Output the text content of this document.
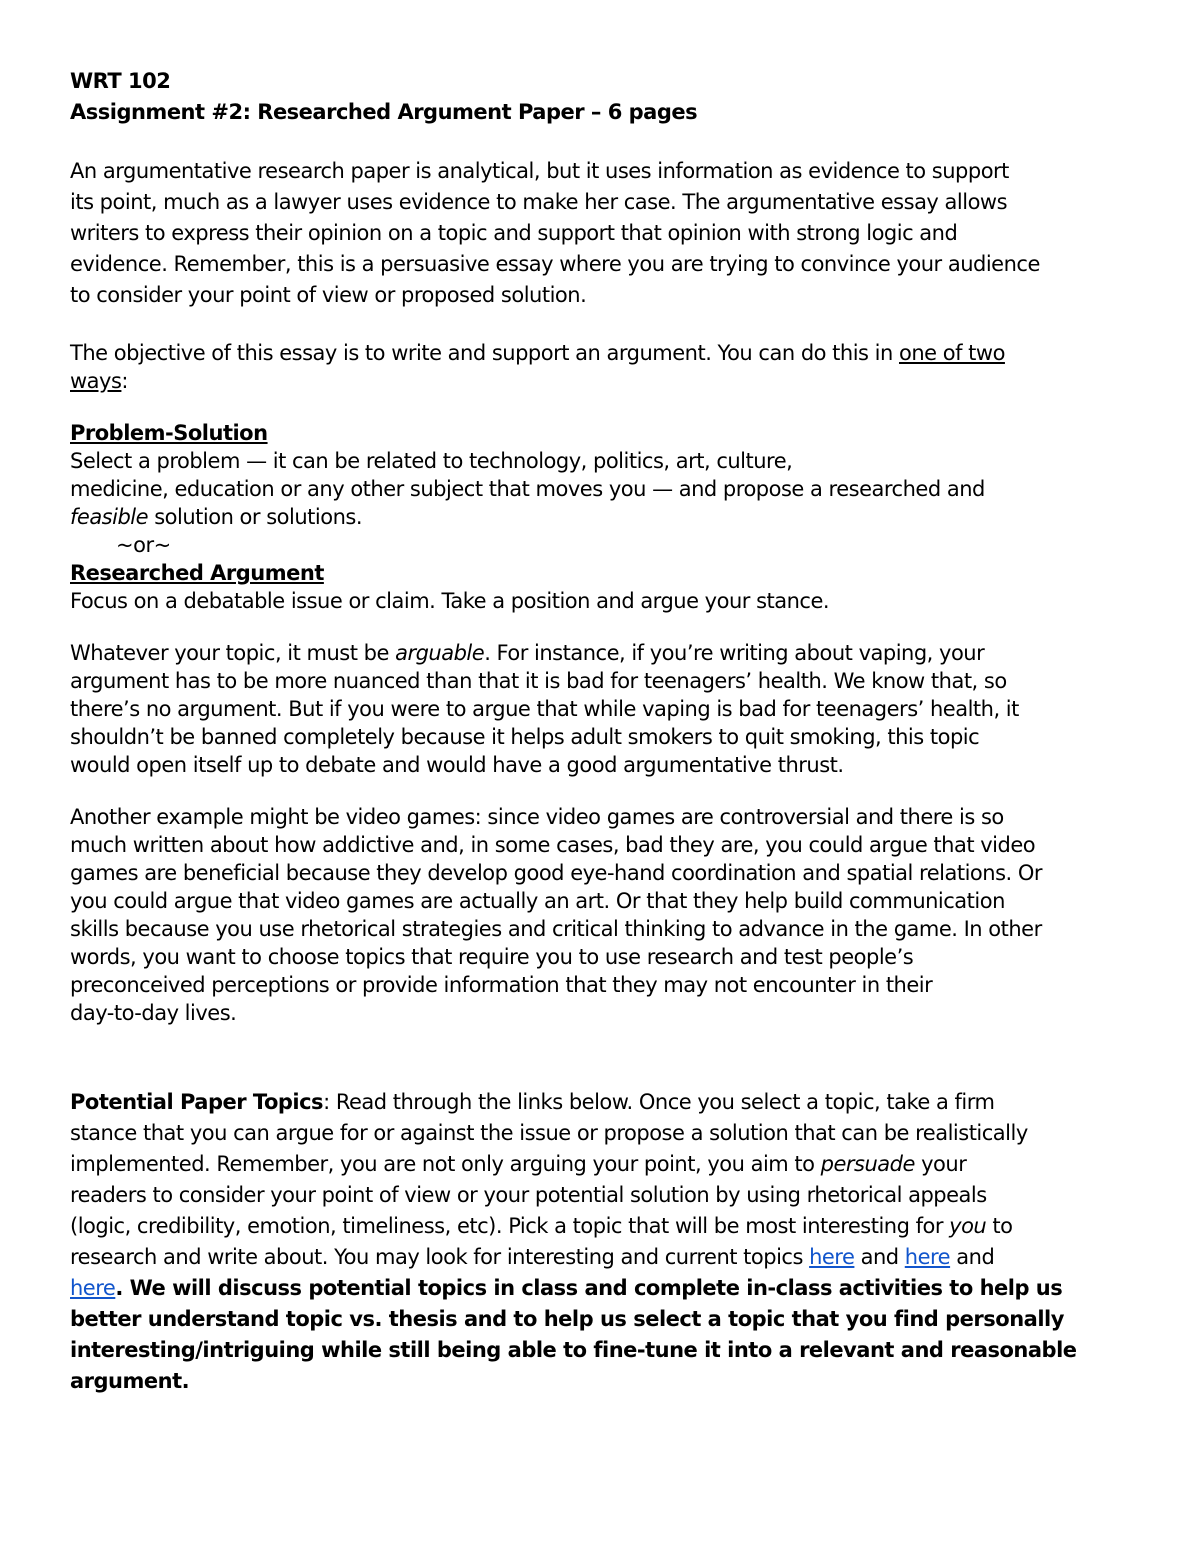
WRT 102

Assignment #2: Researched Argument Paper – 6 pages

An argumentative research paper is analytical, but it uses information as evidence to support

its point, much as a lawyer uses evidence to make her case. The argumentative essay allows

writers to express their opinion on a topic and support that opinion with strong logic and

evidence. Remember, this is a persuasive essay where you are trying to convince your audience

to consider your point of view or proposed solution.

The objective of this essay is to write and support an argument. You can do this in one of two

ways:

Problem-Solution

Select a problem — it can be related to technology, politics, art, culture,

medicine, education or any other subject that moves you — and propose a researched and

feasible solution or solutions.

~or~

Researched Argument

Focus on a debatable issue or claim. Take a position and argue your stance.

Whatever your topic, it must be arguable. For instance, if you’re writing about vaping, your

argument has to be more nuanced than that it is bad for teenagers’ health. We know that, so

there’s no argument. But if you were to argue that while vaping is bad for teenagers’ health, it

shouldn’t be banned completely because it helps adult smokers to quit smoking, this topic

would open itself up to debate and would have a good argumentative thrust.

Another example might be video games: since video games are controversial and there is so

much written about how addictive and, in some cases, bad they are, you could argue that video

games are beneficial because they develop good eye-hand coordination and spatial relations. Or

you could argue that video games are actually an art. Or that they help build communication

skills because you use rhetorical strategies and critical thinking to advance in the game. In other

words, you want to choose topics that require you to use research and test people’s

preconceived perceptions or provide information that they may not encounter in their

day-to-day lives.

Potential Paper Topics: Read through the links below. Once you select a topic, take a firm

stance that you can argue for or against the issue or propose a solution that can be realistically

implemented. Remember, you are not only arguing your point, you aim to persuade your

readers to consider your point of view or your potential solution by using rhetorical appeals

(logic, credibility, emotion, timeliness, etc). Pick a topic that will be most interesting for you to

research and write about. You may look for interesting and current topics here and here and

here. We will discuss potential topics in class and complete in-class activities to help us

better understand topic vs. thesis and to help us select a topic that you find personally

interesting/intriguing while still being able to fine-tune it into a relevant and reasonable

argument.
